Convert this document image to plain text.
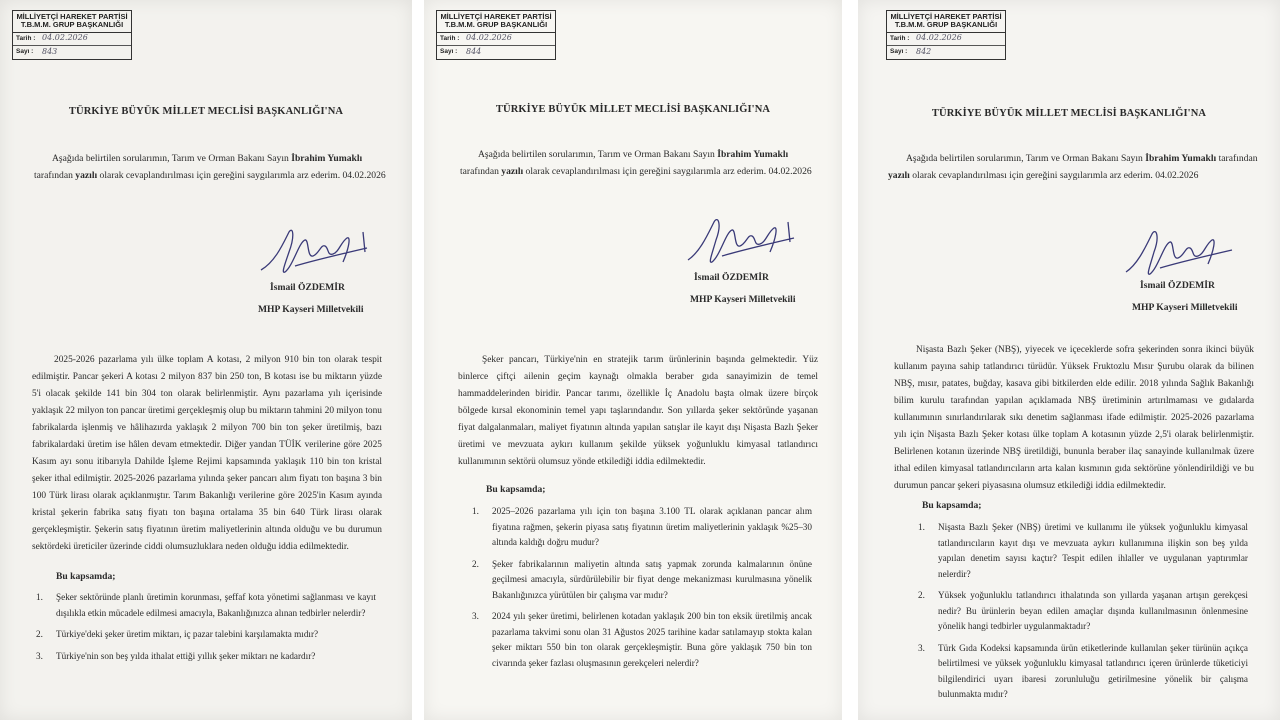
MİLLİYETÇİ HAREKET PARTİSİ
T.B.M.M. GRUP BAŞKANLIĞI
Tarih : 04.02.2026
Sayı :	843
TÜRKİYE BÜYÜK MİLLET MECLİSİ BAŞKANLIĞI'NA
Aşağıda belirtilen sorularımın, Tarım ve Orman Bakanı Sayın İbrahim Yumaklı tarafından yazılı olarak cevaplandırılması için gereğini saygılarımla arz ederim. 04.02.2026
İsmail ÖZDEMİR
MHP Kayseri Milletvekili
2025-2026 pazarlama yılı ülke toplam A kotası, 2 milyon 910 bin ton olarak tespit edilmiştir. Pancar şekeri A kotası 2 milyon 837 bin 250 ton, B kotası ise bu miktarın yüzde 5'i olacak şekilde 141 bin 304 ton olarak belirlenmiştir. Aynı pazarlama yılı içerisinde yaklaşık 22 milyon ton pancar üretimi gerçekleşmiş olup bu miktarın tahmini 20 milyon tonu fabrikalarda işlenmiş ve hâlihazırda yaklaşık 2 milyon 700 bin ton şeker üretilmiş, bazı fabrikalardaki üretim ise hâlen devam etmektedir. Diğer yandan TÜİK verilerine göre 2025 Kasım ayı sonu itibarıyla Dahilde İşleme Rejimi kapsamında yaklaşık 110 bin ton kristal şeker ithal edilmiştir. 2025-2026 pazarlama yılında şeker pancarı alım fiyatı ton başına 3 bin 100 Türk lirası olarak açıklanmıştır. Tarım Bakanlığı verilerine göre 2025'in Kasım ayında kristal şekerin fabrika satış fiyatı ton başına ortalama 35 bin 640 Türk lirası olarak gerçekleşmiştir. Şekerin satış fiyatının üretim maliyetlerinin altında olduğu ve bu durumun sektördeki üreticiler üzerinde ciddi olumsuzluklara neden olduğu iddia edilmektedir.
Bu kapsamda;
1. Şeker sektöründe planlı üretimin korunması, şeffaf kota yönetimi sağlanması ve kayıt dışılıkla etkin mücadele edilmesi amacıyla, Bakanlığınızca alınan tedbirler nelerdir?
2. Türkiye'deki şeker üretim miktarı, iç pazar talebini karşılamakta mıdır?
3. Türkiye'nin son beş yılda ithalat ettiği yıllık şeker miktarı ne kadardır?
MİLLİYETÇİ HAREKET PARTİSİ
T.B.M.M. GRUP BAŞKANLIĞI
Tarih : 04.02.2026
Sayı :	844
TÜRKİYE BÜYÜK MİLLET MECLİSİ BAŞKANLIĞI'NA
Aşağıda belirtilen sorularımın, Tarım ve Orman Bakanı Sayın İbrahim Yumaklı tarafından yazılı olarak cevaplandırılması için gereğini saygılarımla arz ederim. 04.02.2026
İsmail ÖZDEMİR
MHP Kayseri Milletvekili
Şeker pancarı, Türkiye'nin en stratejik tarım ürünlerinin başında gelmektedir. Yüz binlerce çiftçi ailenin geçim kaynağı olmakla beraber gıda sanayimizin de temel hammaddelerinden biridir. Pancar tarımı, özellikle İç Anadolu başta olmak üzere birçok bölgede kırsal ekonominin temel yapı taşlarındandır. Son yıllarda şeker sektöründe yaşanan fiyat dalgalanmaları, maliyet fiyatının altında yapılan satışlar ile kayıt dışı Nişasta Bazlı Şeker üretimi ve mevzuata aykırı kullanım şekilde yüksek yoğunluklu kimyasal tatlandırıcı kullanımının sektörü olumsuz yönde etkilediği iddia edilmektedir.
Bu kapsamda;
1. 2025–2026 pazarlama yılı için ton başına 3.100 TL olarak açıklanan pancar alım fiyatına rağmen, şekerin piyasa satış fiyatının üretim maliyetlerinin yaklaşık %25–30 altında kaldığı doğru mudur?
2. Şeker fabrikalarının maliyetin altında satış yapmak zorunda kalmalarının önüne geçilmesi amacıyla, sürdürülebilir bir fiyat denge mekanizması kurulmasına yönelik Bakanlığınızca yürütülen bir çalışma var mıdır?
3. 2024 yılı şeker üretimi, belirlenen kotadan yaklaşık 200 bin ton eksik üretilmiş ancak pazarlama takvimi sonu olan 31 Ağustos 2025 tarihine kadar satılamayıp stokta kalan şeker miktarı 550 bin ton olarak gerçekleşmiştir. Buna göre yaklaşık 750 bin ton civarında şeker fazlası oluşmasının gerekçeleri nelerdir?
MİLLİYETÇİ HAREKET PARTİSİ
T.B.M.M. GRUP BAŞKANLIĞI
Tarih : 04.02.2026
Sayı :	842
TÜRKİYE BÜYÜK MİLLET MECLİSİ BAŞKANLIĞI'NA
Aşağıda belirtilen sorularımın, Tarım ve Orman Bakanı Sayın İbrahim Yumaklı tarafından yazılı olarak cevaplandırılması için gereğini saygılarımla arz ederim. 04.02.2026
İsmail ÖZDEMİR
MHP Kayseri Milletvekili
Nişasta Bazlı Şeker (NBŞ), yiyecek ve içeceklerde sofra şekerinden sonra ikinci büyük kullanım payına sahip tatlandırıcı türüdür. Yüksek Fruktozlu Mısır Şurubu olarak da bilinen NBŞ, mısır, patates, buğday, kasava gibi bitkilerden elde edilir. 2018 yılında Sağlık Bakanlığı bilim kurulu tarafından yapılan açıklamada NBŞ üretiminin artırılmaması ve gıdalarda kullanımının sınırlandırılarak sıkı denetim sağlanması ifade edilmiştir. 2025-2026 pazarlama yılı için Nişasta Bazlı Şeker kotası ülke toplam A kotasının yüzde 2,5'i olarak belirlenmiştir. Belirlenen kotanın üzerinde NBŞ üretildiği, bununla beraber ilaç sanayinde kullanılmak üzere ithal edilen kimyasal tatlandırıcıların arta kalan kısmının gıda sektörüne yönlendirildiği ve bu durumun pancar şekeri piyasasına olumsuz etkilediği iddia edilmektedir.
Bu kapsamda;
1. Nişasta Bazlı Şeker (NBŞ) üretimi ve kullanımı ile yüksek yoğunluklu kimyasal tatlandırıcıların kayıt dışı ve mevzuata aykırı kullanımına ilişkin son beş yılda yapılan denetim sayısı kaçtır? Tespit edilen ihlaller ve uygulanan yaptırımlar nelerdir?
2. Yüksek yoğunluklu tatlandırıcı ithalatında son yıllarda yaşanan artışın gerekçesi nedir? Bu ürünlerin beyan edilen amaçlar dışında kullanılmasının önlenmesine yönelik hangi tedbirler uygulanmaktadır?
3. Türk Gıda Kodeksi kapsamında ürün etiketlerinde kullanılan şeker türünün açıkça belirtilmesi ve yüksek yoğunluklu kimyasal tatlandırıcı içeren ürünlerde tüketiciyi bilgilendirici uyarı ibaresi zorunluluğu getirilmesine yönelik bir çalışma bulunmakta mıdır?
